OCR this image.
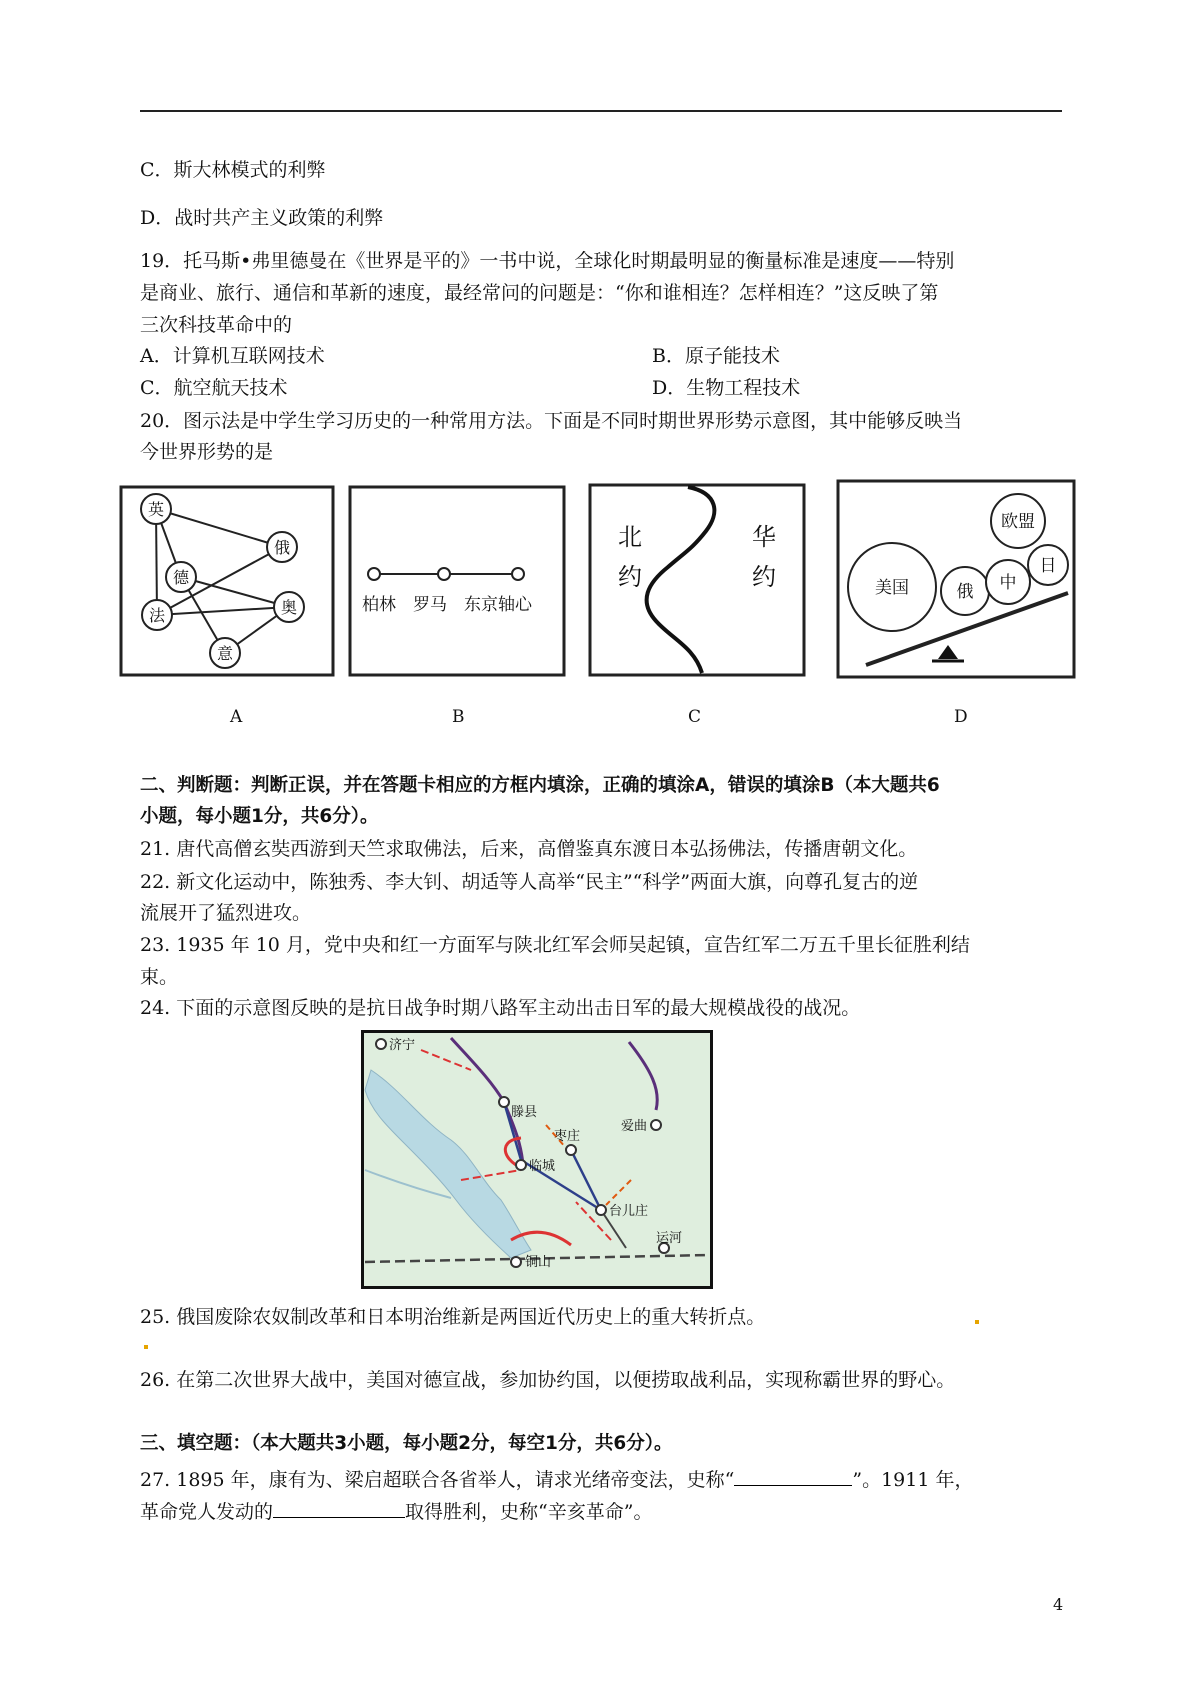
C．斯大林模式的利弊
D．战时共产主义政策的利弊
19．托马斯•弗里德曼在《世界是平的》一书中说，全球化时期最明显的衡量标准是速度——特别
是商业、旅行、通信和革新的速度，最经常问的问题是：“你和谁相连？怎样相连？”这反映了第
三次科技革命中的
A．计算机互联网技术	B．原子能技术
C．航空航天技术	D．生物工程技术
20．图示法是中学生学习历史的一种常用方法。下面是不同时期世界形势示意图，其中能够反映当
今世界形势的是
英
俄
德
法	奥
意
A
柏林　罗马　东京轴心
B
北
约
华
约
C
美国	俄 中
欧盟
日
D
二、判断题：判断正误，并在答题卡相应的方框内填涂，正确的填涂A，错误的填涂B（本大题共6
小题，每小题1分，共6分）。
21. 唐代高僧玄奘西游到天竺求取佛法，后来，高僧鉴真东渡日本弘扬佛法，传播唐朝文化。
22. 新文化运动中，陈独秀、李大钊、胡适等人高举“民主”“科学”两面大旗，向尊孔复古的逆
流展开了猛烈进攻。
23. 1935 年 10 月，党中央和红一方面军与陕北红军会师吴起镇，宣告红军二万五千里长征胜利结
束。
24. 下面的示意图反映的是抗日战争时期八路军主动出击日军的最大规模战役的战况。
济宁
滕县
枣庄
临城
台儿庄
运河
铜山
爱曲
25. 俄国废除农奴制改革和日本明治维新是两国近代历史上的重大转折点。
26. 在第二次世界大战中，美国对德宣战，参加协约国，以便捞取战利品，实现称霸世界的野心。
三、填空题：（本大题共3小题，每小题2分，每空1分，共6分）。
27. 1895 年，康有为、梁启超联合各省举人，请求光绪帝变法，史称“	”。1911 年，
革命党人发动的	取得胜利，史称“辛亥革命”。
4
